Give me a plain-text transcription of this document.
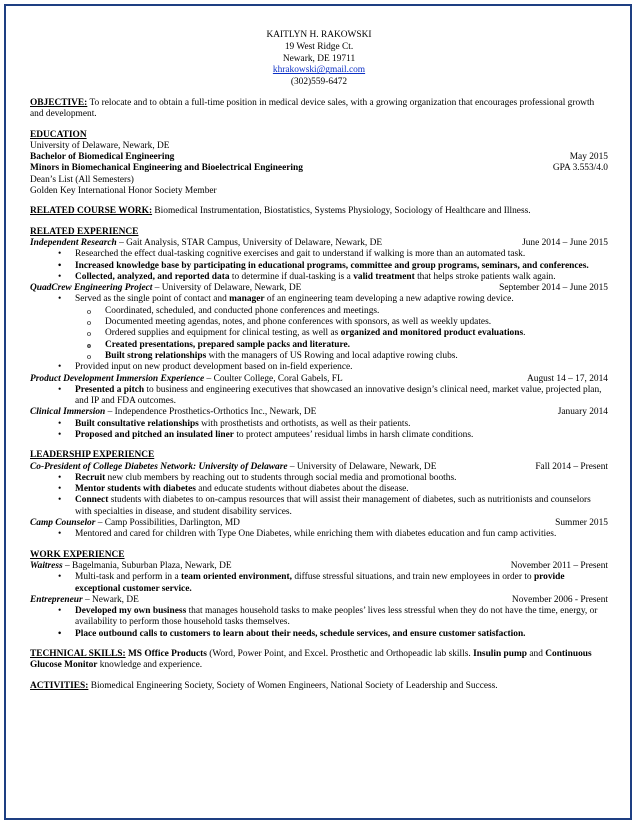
KAITLYN H. RAKOWSKI
19 West Ridge Ct.
Newark, DE 19711
khrakowski@gmail.com
(302)559-6472
OBJECTIVE: To relocate and to obtain a full-time position in medical device sales, with a growing organization that encourages professional growth and development.
EDUCATION
University of Delaware, Newark, DE
Bachelor of Biomedical Engineering	May 2015
Minors in Biomechanical Engineering and Bioelectrical Engineering	GPA 3.553/4.0
Dean’s List (All Semesters)
Golden Key International Honor Society Member
RELATED COURSE WORK: Biomedical Instrumentation, Biostatistics, Systems Physiology, Sociology of Healthcare and Illness.
RELATED EXPERIENCE
Independent Research – Gait Analysis, STAR Campus, University of Delaware, Newark, DE	June 2014 – June 2015
• Researched the effect dual-tasking cognitive exercises and gait to understand if walking is more than an automated task.
• Increased knowledge base by participating in educational programs, committee and group programs, seminars, and conferences.
• Collected, analyzed, and reported data to determine if dual-tasking is a valid treatment that helps stroke patients walk again.
QuadCrew Engineering Project – University of Delaware, Newark, DE	September 2014 – June 2015
• Served as the single point of contact and manager of an engineering team developing a new adaptive rowing device.
o Coordinated, scheduled, and conducted phone conferences and meetings.
o Documented meeting agendas, notes, and phone conferences with sponsors, as well as weekly updates.
o Ordered supplies and equipment for clinical testing, as well as organized and monitored product evaluations.
o Created presentations, prepared sample packs and literature.
o Built strong relationships with the managers of US Rowing and local adaptive rowing clubs.
• Provided input on new product development based on in-field experience.
Product Development Immersion Experience – Coulter College, Coral Gabels, FL	August 14 – 17, 2014
• Presented a pitch to business and engineering executives that showcased an innovative design’s clinical need, market value, projected plan, and IP and FDA outcomes.
Clinical Immersion – Independence Prosthetics-Orthotics Inc., Newark, DE	January 2014
• Built consultative relationships with prosthetists and orthotists, as well as their patients.
• Proposed and pitched an insulated liner to protect amputees’ residual limbs in harsh climate conditions.
LEADERSHIP EXPERIENCE
Co-President of College Diabetes Network: University of Delaware – University of Delaware, Newark, DE	Fall 2014 – Present
• Recruit new club members by reaching out to students through social media and promotional booths.
• Mentor students with diabetes and educate students without diabetes about the disease.
• Connect students with diabetes to on-campus resources that will assist their management of diabetes, such as nutritionists and counselors with specialties in disease, and student disability services.
Camp Counselor – Camp Possibilities, Darlington, MD	Summer 2015
• Mentored and cared for children with Type One Diabetes, while enriching them with diabetes education and fun camp activities.
WORK EXPERIENCE
Waitress – Bagelmania, Suburban Plaza, Newark, DE	November 2011 – Present
• Multi-task and perform in a team oriented environment, diffuse stressful situations, and train new employees in order to provide exceptional customer service.
Entrepreneur – Newark, DE	November 2006 - Present
• Developed my own business that manages household tasks to make peoples’ lives less stressful when they do not have the time, energy, or availability to perform those household tasks themselves.
• Place outbound calls to customers to learn about their needs, schedule services, and ensure customer satisfaction.
TECHNICAL SKILLS: MS Office Products (Word, Power Point, and Excel. Prosthetic and Orthopeadic lab skills. Insulin pump and Continuous Glucose Monitor knowledge and experience.
ACTIVITIES: Biomedical Engineering Society, Society of Women Engineers, National Society of Leadership and Success.
